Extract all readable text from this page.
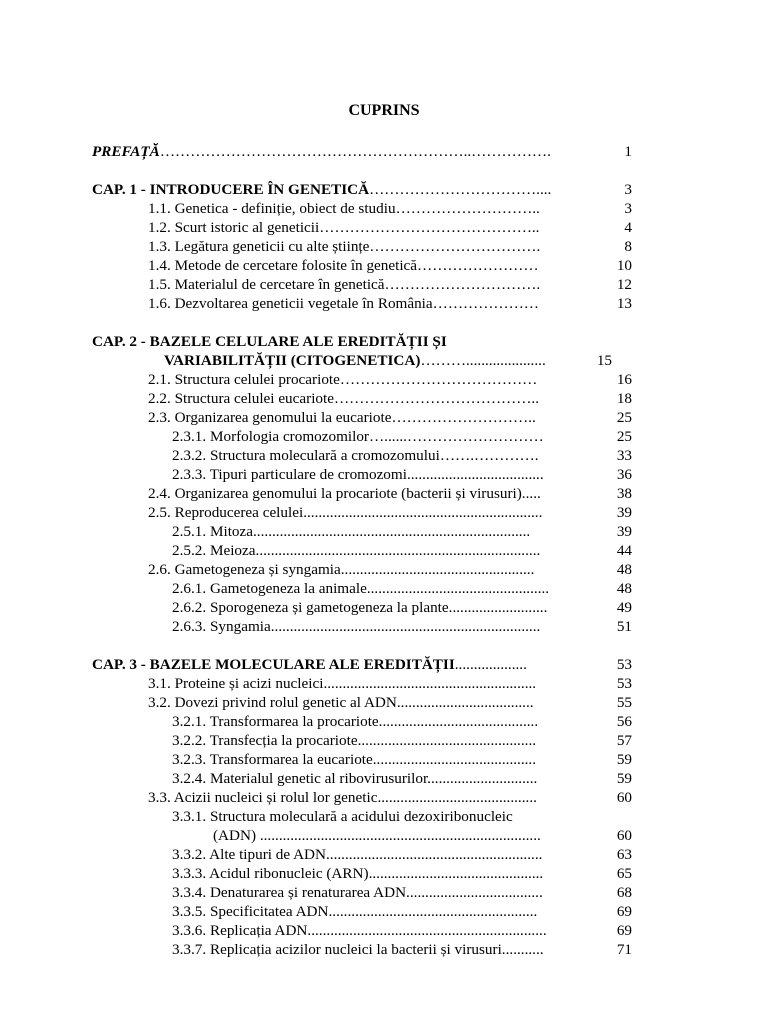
CUPRINS
PREFAȚĂ……………………………………………………..…………….	1
CAP. 1 - INTRODUCERE ÎN GENETICĂ……………………………....	3
1.1. Genetica - definiție, obiect de studiu………………………..	3
1.2. Scurt istoric al geneticii……………………………………..	4
1.3. Legătura geneticii cu alte științe…………………………….	8
1.4. Metode de cercetare folosite în genetică……………………	10
1.5. Materialul de cercetare în genetică………………………….	12
1.6. Dezvoltarea geneticii vegetale în România…………………	13
CAP. 2 - BAZELE CELULARE ALE EREDITĂȚII ȘI
VARIABILITĂȚII (CITOGENETICA)……….....................	15
2.1. Structura celulei procariote…………………………………	16
2.2. Structura celulei eucariote…………………………………..	18
2.3. Organizarea genomului la eucariote………………………..	25
2.3.1. Morfologia cromozomilor…......………………………	25
2.3.2. Structura moleculară a cromozomului…….………….	33
2.3.3. Tipuri particulare de cromozomi....................................	36
2.4. Organizarea genomului la procariote (bacterii și virusuri).....	38
2.5. Reproducerea celulei...............................................................	39
2.5.1. Mitoza.........................................................................	39
2.5.2. Meioza...........................................................................	44
2.6. Gametogeneza și syngamia...................................................	48
2.6.1. Gametogeneza la animale................................................	48
2.6.2. Sporogeneza și gametogeneza la plante..........................	49
2.6.3. Syngamia.......................................................................	51
CAP. 3 - BAZELE MOLECULARE ALE EREDITĂȚII...................	53
3.1. Proteine și acizi nucleici........................................................	53
3.2. Dovezi privind rolul genetic al ADN....................................	55
3.2.1. Transformarea la procariote..........................................	56
3.2.2. Transfecția la procariote...............................................	57
3.2.3. Transformarea la eucariote...........................................	59
3.2.4. Materialul genetic al ribovirusurilor.............................	59
3.3. Acizii nucleici și rolul lor genetic..........................................	60
3.3.1. Structura moleculară a acidului dezoxiribonucleic
(ADN) ..........................................................................	60
3.3.2. Alte tipuri de ADN.........................................................	63
3.3.3. Acidul ribonucleic (ARN)..............................................	65
3.3.4. Denaturarea și renaturarea ADN....................................	68
3.3.5. Specificitatea ADN.......................................................	69
3.3.6. Replicația ADN...............................................................	69
3.3.7. Replicația acizilor nucleici la bacterii și virusuri...........	71
